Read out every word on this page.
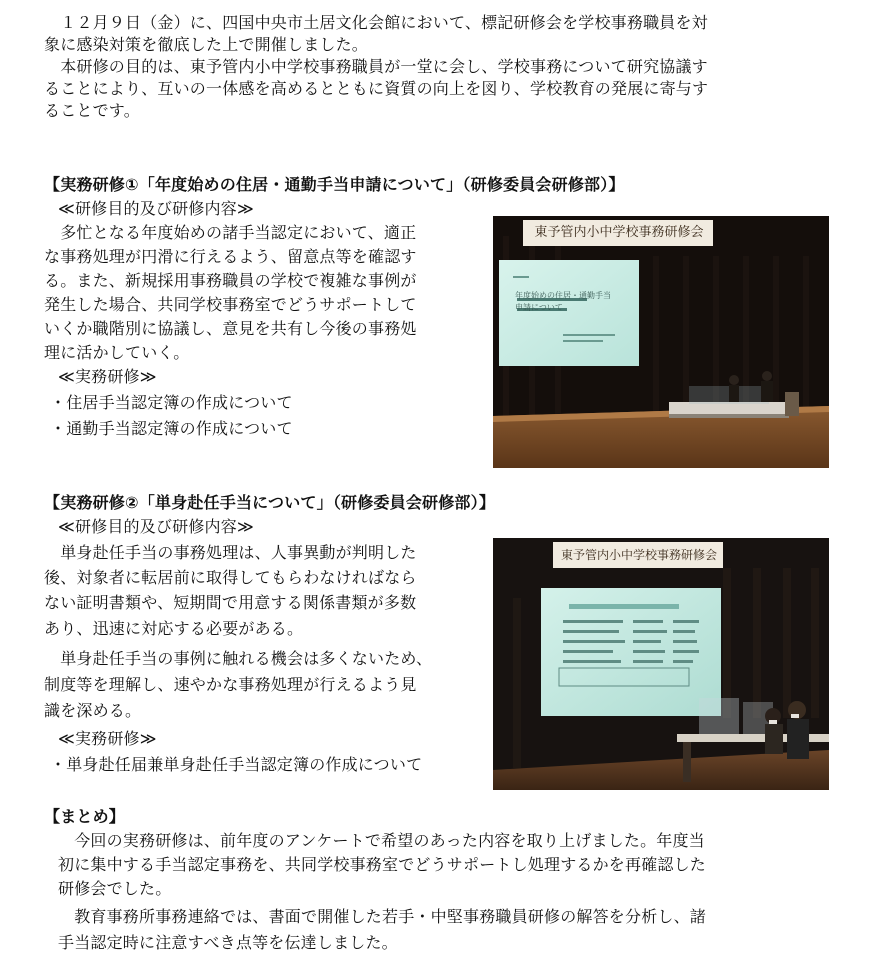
　１２月９日（金）に、四国中央市土居文化会館において、標記研修会を学校事務職員を対
象に感染対策を徹底した上で開催しました。
　本研修の目的は、東予管内小中学校事務職員が一堂に会し、学校事務について研究協議す
ることにより、互いの一体感を高めるとともに資質の向上を図り、学校教育の発展に寄与す
ることです。
【実務研修①「年度始めの住居・通勤手当申請について」（研修委員会研修部）】
≪研修目的及び研修内容≫
　多忙となる年度始めの諸手当認定において、適正
な事務処理が円滑に行えるよう、留意点等を確認す
る。また、新規採用事務職員の学校で複雑な事例が
発生した場合、共同学校事務室でどうサポートして
いくか職階別に協議し、意見を共有し今後の事務処
理に活かしていく。
≪実務研修≫
・住居手当認定簿の作成について
・通勤手当認定簿の作成について
東予管内小中学校事務研修会
年度始めの住居・通勤手当
申請について
【実務研修②「単身赴任手当について」（研修委員会研修部）】
≪研修目的及び研修内容≫
　単身赴任手当の事務処理は、人事異動が判明した
後、対象者に転居前に取得してもらわなければなら
ない証明書類や、短期間で用意する関係書類が多数
あり、迅速に対応する必要がある。
　単身赴任手当の事例に触れる機会は多くないため、
制度等を理解し、速やかな事務処理が行えるよう見
識を深める。
≪実務研修≫
・単身赴任届兼単身赴任手当認定簿の作成について
東予管内小中学校事務研修会
【まとめ】
　今回の実務研修は、前年度のアンケートで希望のあった内容を取り上げました。年度当
初に集中する手当認定事務を、共同学校事務室でどうサポートし処理するかを再確認した
研修会でした。
　教育事務所事務連絡では、書面で開催した若手・中堅事務職員研修の解答を分析し、諸
手当認定時に注意すべき点等を伝達しました。
